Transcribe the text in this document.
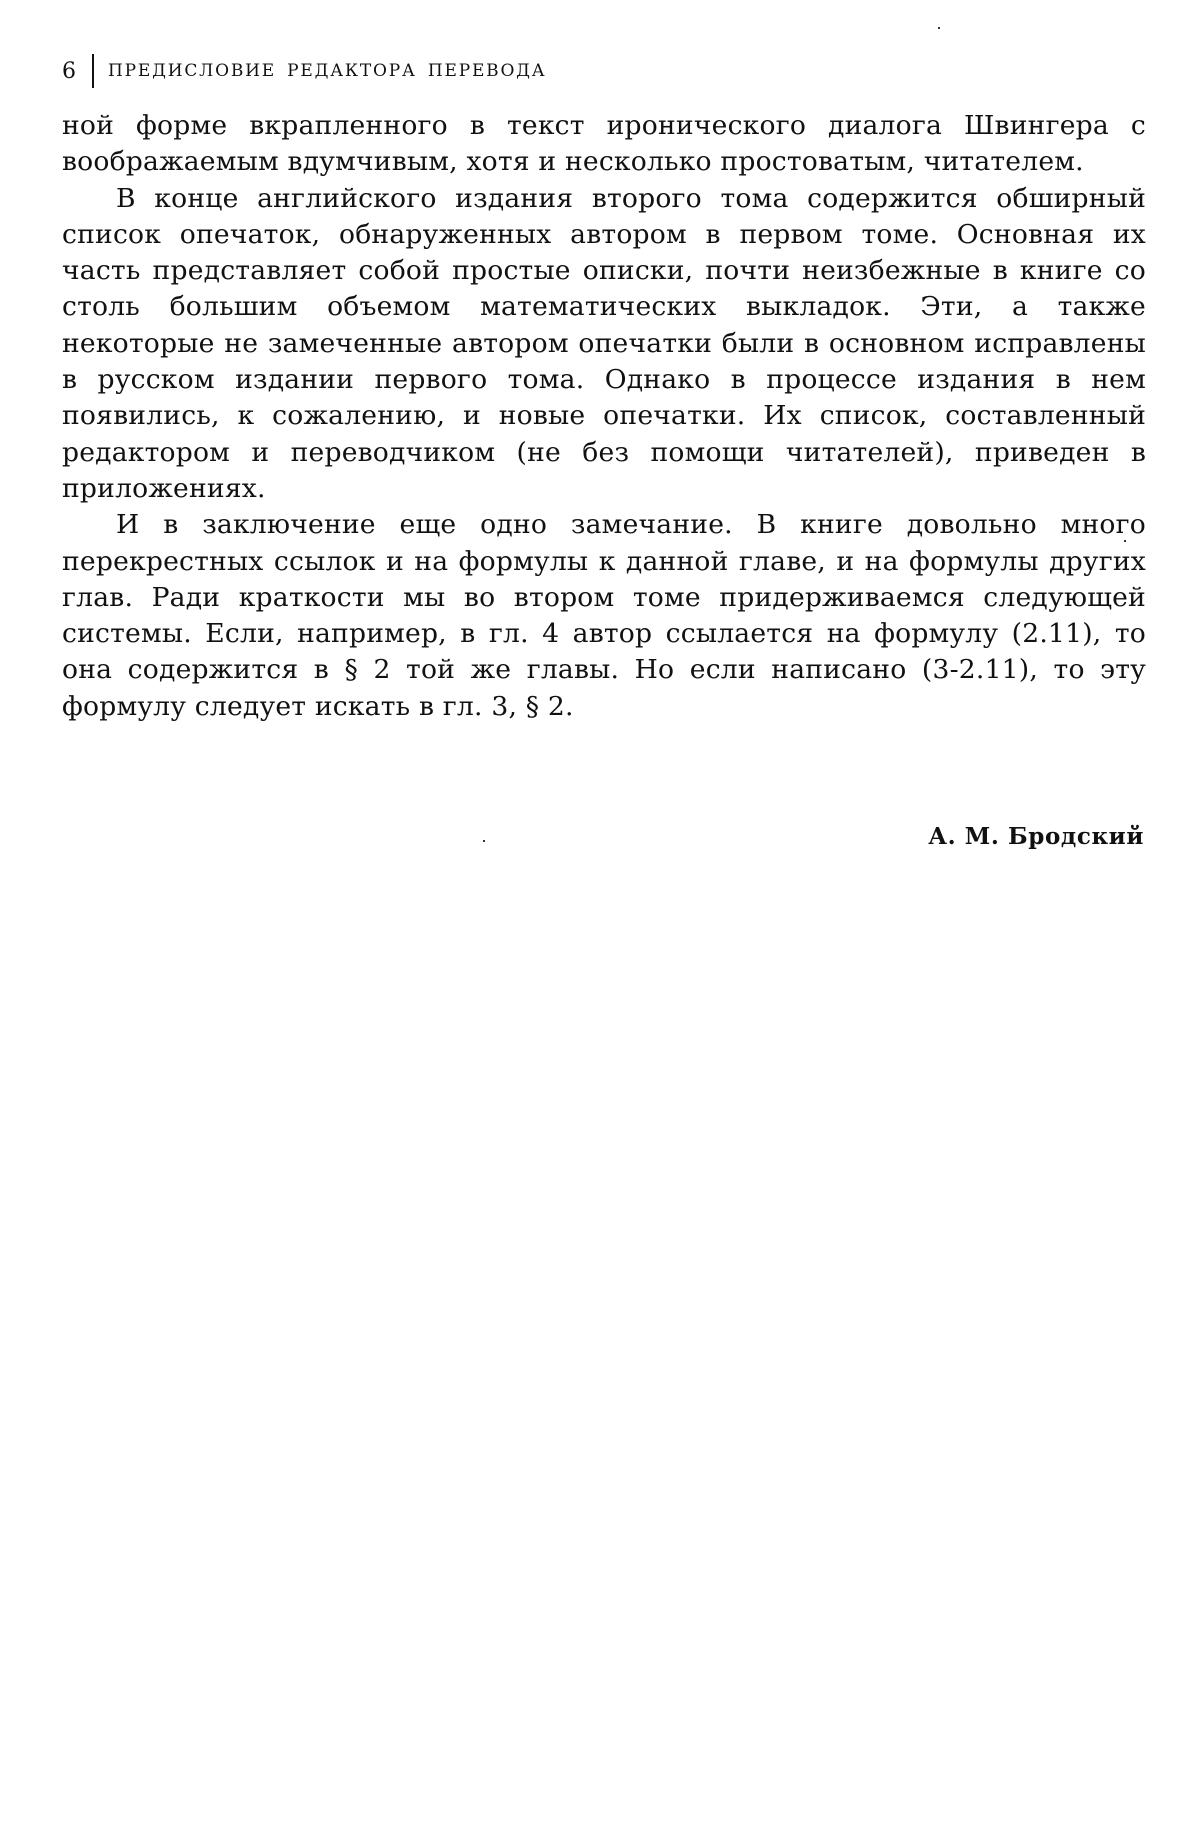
6	ПРЕДИСЛОВИЕ РЕДАКТОРА ПЕРЕВОДА

ной форме вкрапленного в текст иронического диалога Швингера с воображаемым вдумчивым, хотя и несколько простоватым, читателем.

В конце английского издания второго тома содержится обширный список опечаток, обнаруженных автором в первом томе. Основная их часть представляет собой простые описки, почти неизбежные в книге со столь большим объемом математических выкладок. Эти, а также некоторые не замеченные автором опечатки были в основном исправлены в русском издании первого тома. Однако в процессе издания в нем появились, к сожалению, и новые опечатки. Их список, составленный редактором и переводчиком (не без помощи читателей), приведен в приложениях.

И в заключение еще одно замечание. В книге довольно много перекрестных ссылок и на формулы к данной главе, и на формулы других глав. Ради краткости мы во втором томе придерживаемся следующей системы. Если, например, в гл. 4 автор ссылается на формулу (2.11), то она содержится в § 2 той же главы. Но если написано (3-2.11), то эту формулу следует искать в гл. 3, § 2.

А. М. Бродский
